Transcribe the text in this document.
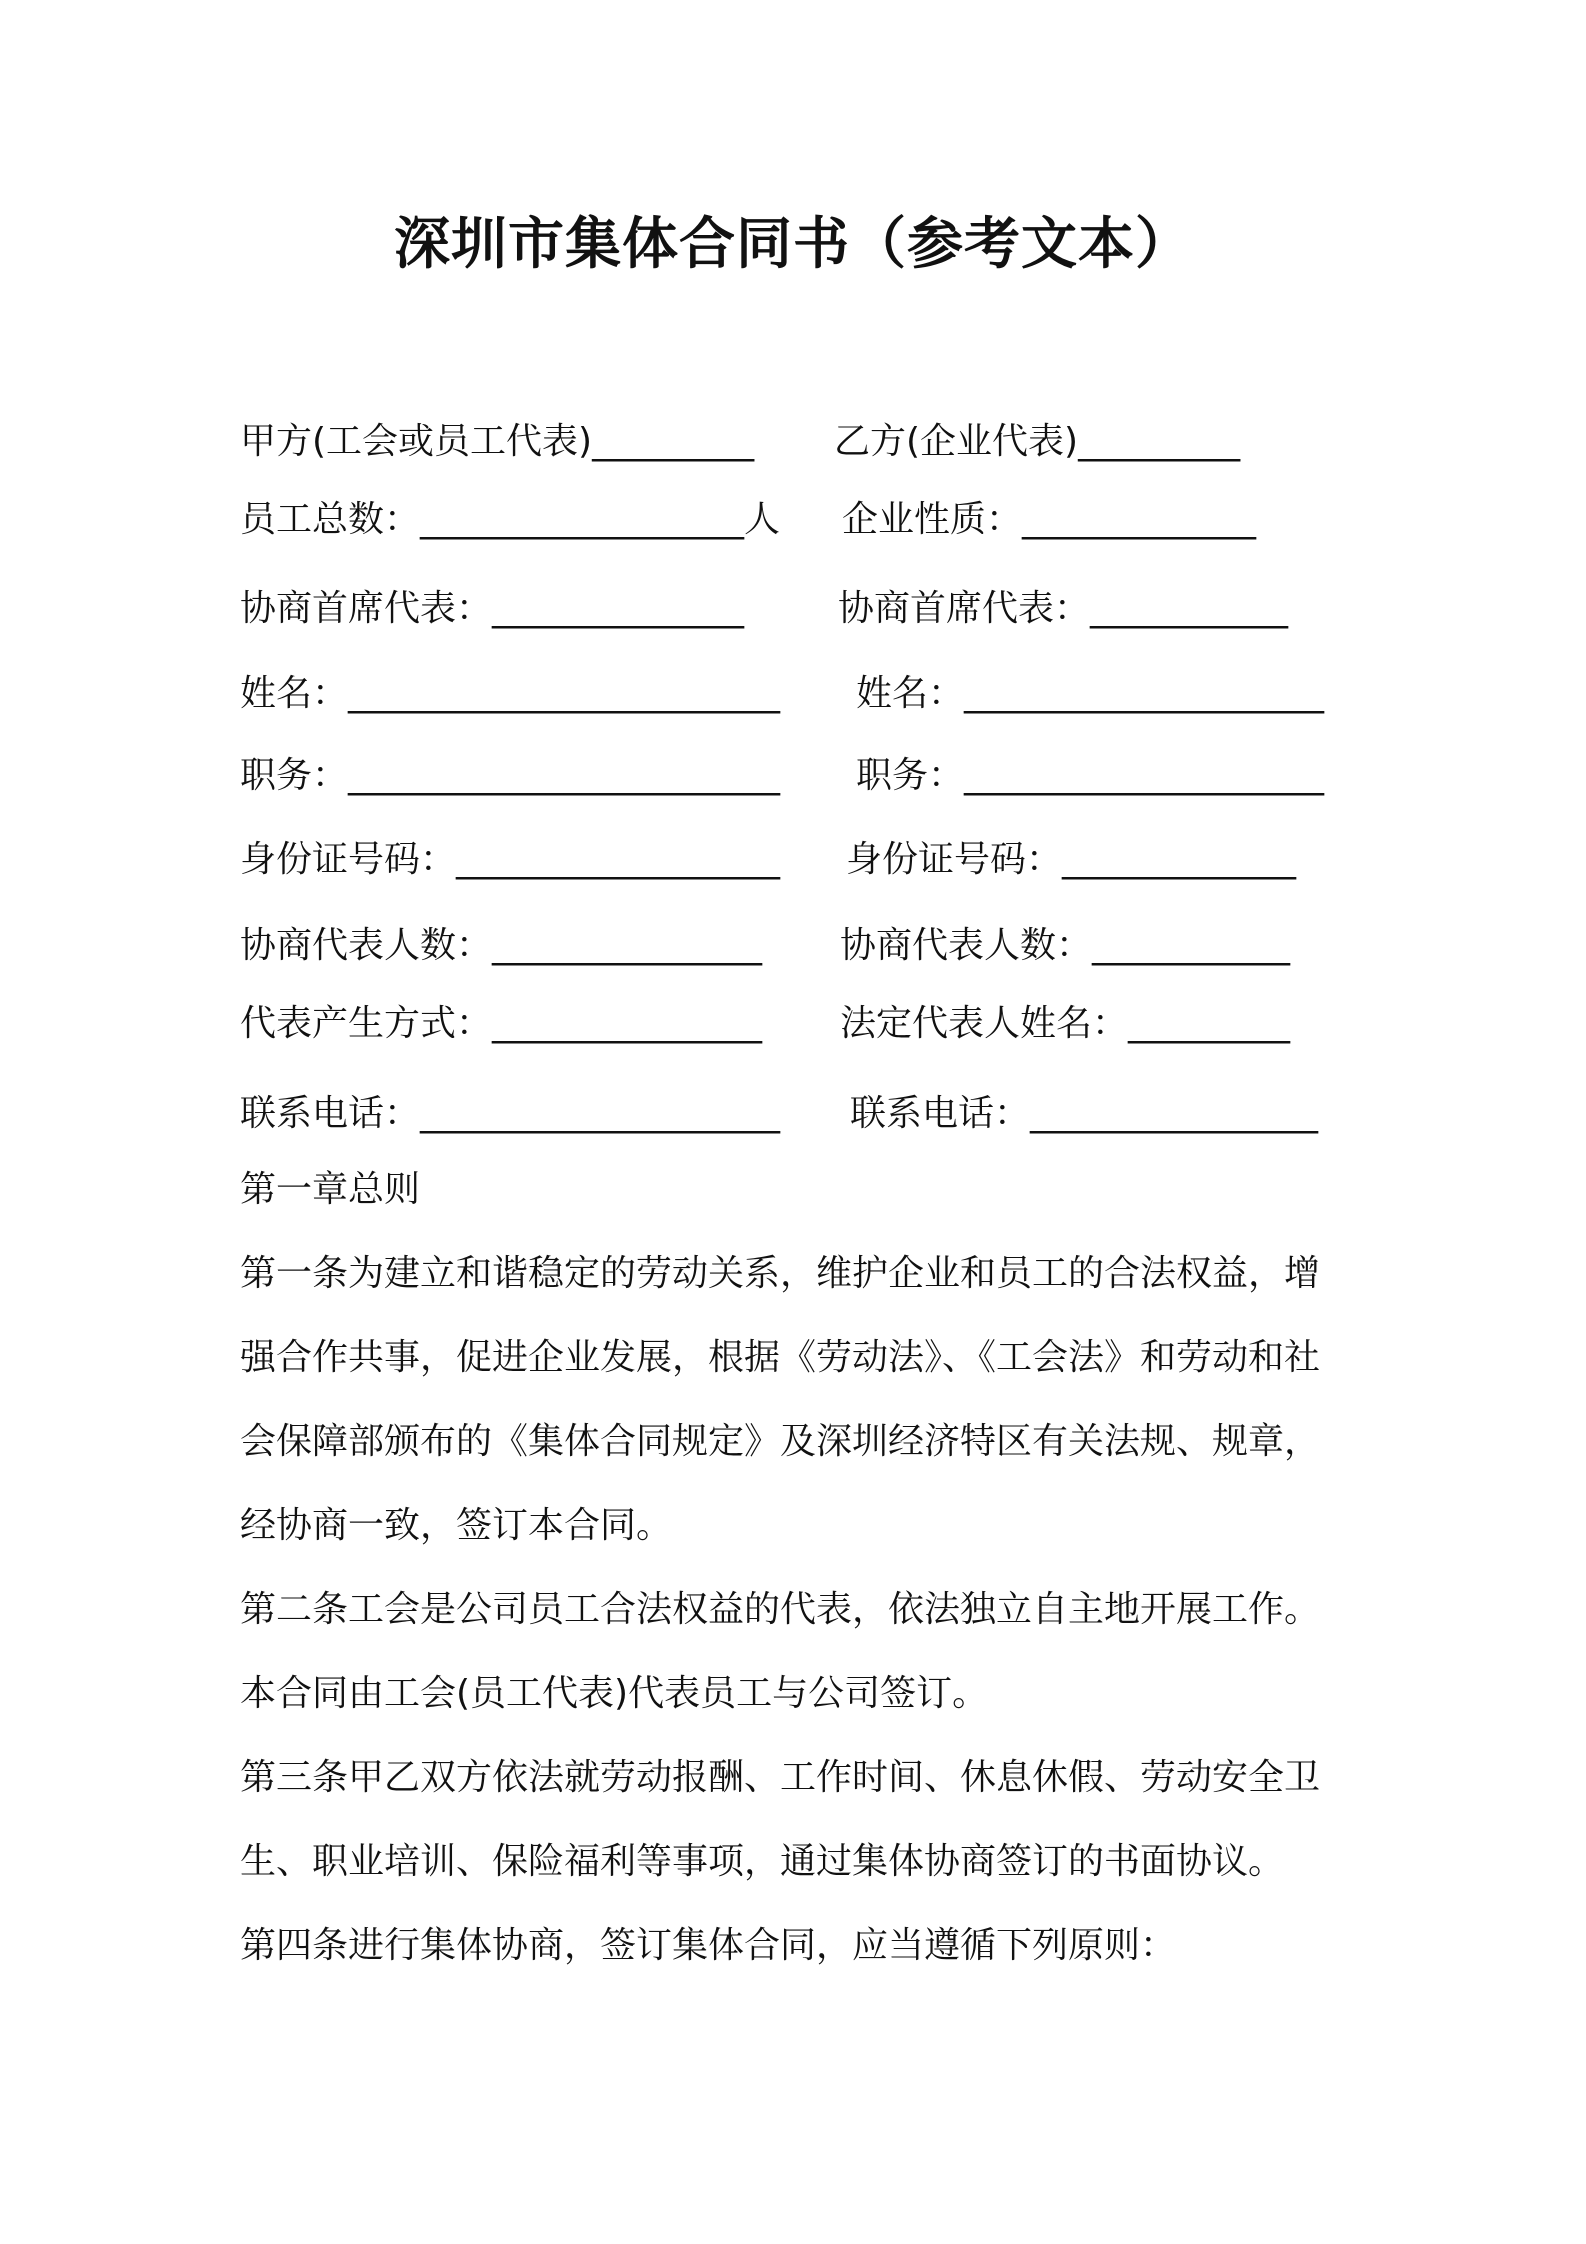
深圳市集体合同书（参考文本）
甲方(工会或员工代表)_________ 乙方(企业代表)_________
员工总数：__________________人 企业性质：_____________
协商首席代表：______________	协商首席代表：___________
姓名：________________________ 姓名：____________________
职务：________________________ 职务：____________________
身份证号码：__________________ 身份证号码：_____________
协商代表人数：_______________ 协商代表人数：___________
代表产生方式：_______________ 法定代表人姓名：_________
联系电话：____________________ 联系电话：________________
第一章总则
第一条为建立和谐稳定的劳动关系，维护企业和员工的合法权益，增
强合作共事，促进企业发展，根据《劳动法》、《工会法》和劳动和社
会保障部颁布的《集体合同规定》及深圳经济特区有关法规、规章，
经协商一致，签订本合同。
第二条工会是公司员工合法权益的代表，依法独立自主地开展工作。
本合同由工会(员工代表)代表员工与公司签订。
第三条甲乙双方依法就劳动报酬、工作时间、休息休假、劳动安全卫
生、职业培训、保险福利等事项，通过集体协商签订的书面协议。
第四条进行集体协商，签订集体合同，应当遵循下列原则：
